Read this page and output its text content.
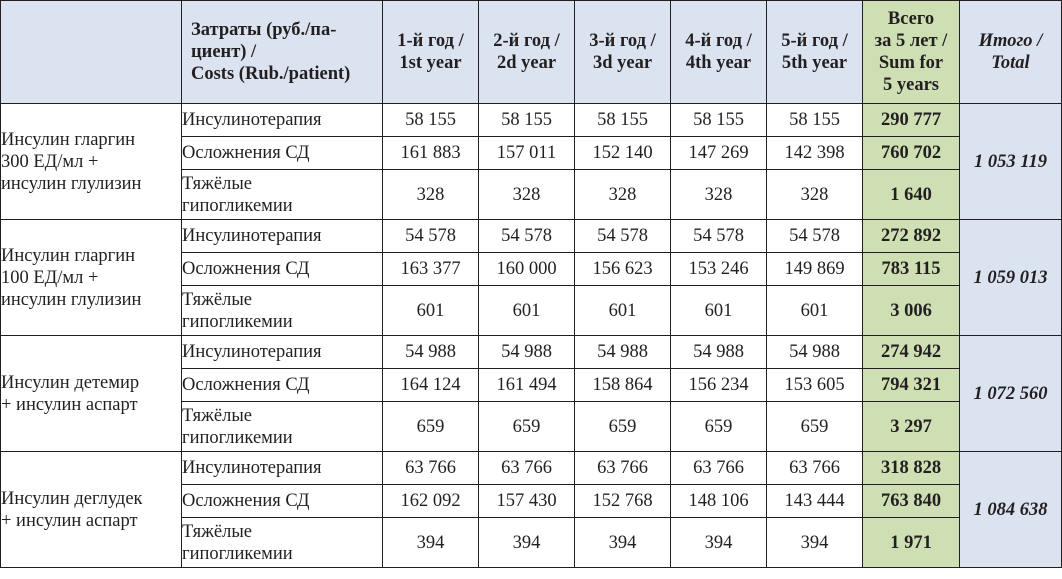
	Затраты (руб./па-
циент) /
Costs (Rub./patient)	1-й год /
1st year	2-й год /
2d year	3-й год /
3d year	4-й год /
4th year	5-й год /
5th year	Всего
за 5 лет /
Sum for
5 years	Итого /
Total

Инсулин гларгин
300 ЕД/мл +
инсулин глулизин	Инсулинотерапия	58 155	58 155	58 155	58 155	58 155	290 777	1 053 119

	Осложнения СД	161 883	157 011	152 140	147 269	142 398	760 702	

	Тяжёлые
гипогликемии	328	328	328	328	328	1 640	

Инсулин гларгин
100 ЕД/мл +
инсулин глулизин	Инсулинотерапия	54 578	54 578	54 578	54 578	54 578	272 892	1 059 013

	Осложнения СД	163 377	160 000	156 623	153 246	149 869	783 115	

	Тяжёлые
гипогликемии	601	601	601	601	601	3 006	

Инсулин детемир
+ инсулин аспарт	Инсулинотерапия	54 988	54 988	54 988	54 988	54 988	274 942	1 072 560

	Осложнения СД	164 124	161 494	158 864	156 234	153 605	794 321	

	Тяжёлые
гипогликемии	659	659	659	659	659	3 297	

Инсулин деглудек
+ инсулин аспарт	Инсулинотерапия	63 766	63 766	63 766	63 766	63 766	318 828	1 084 638

	Осложнения СД	162 092	157 430	152 768	148 106	143 444	763 840	

	Тяжёлые
гипогликемии	394	394	394	394	394	1 971	
